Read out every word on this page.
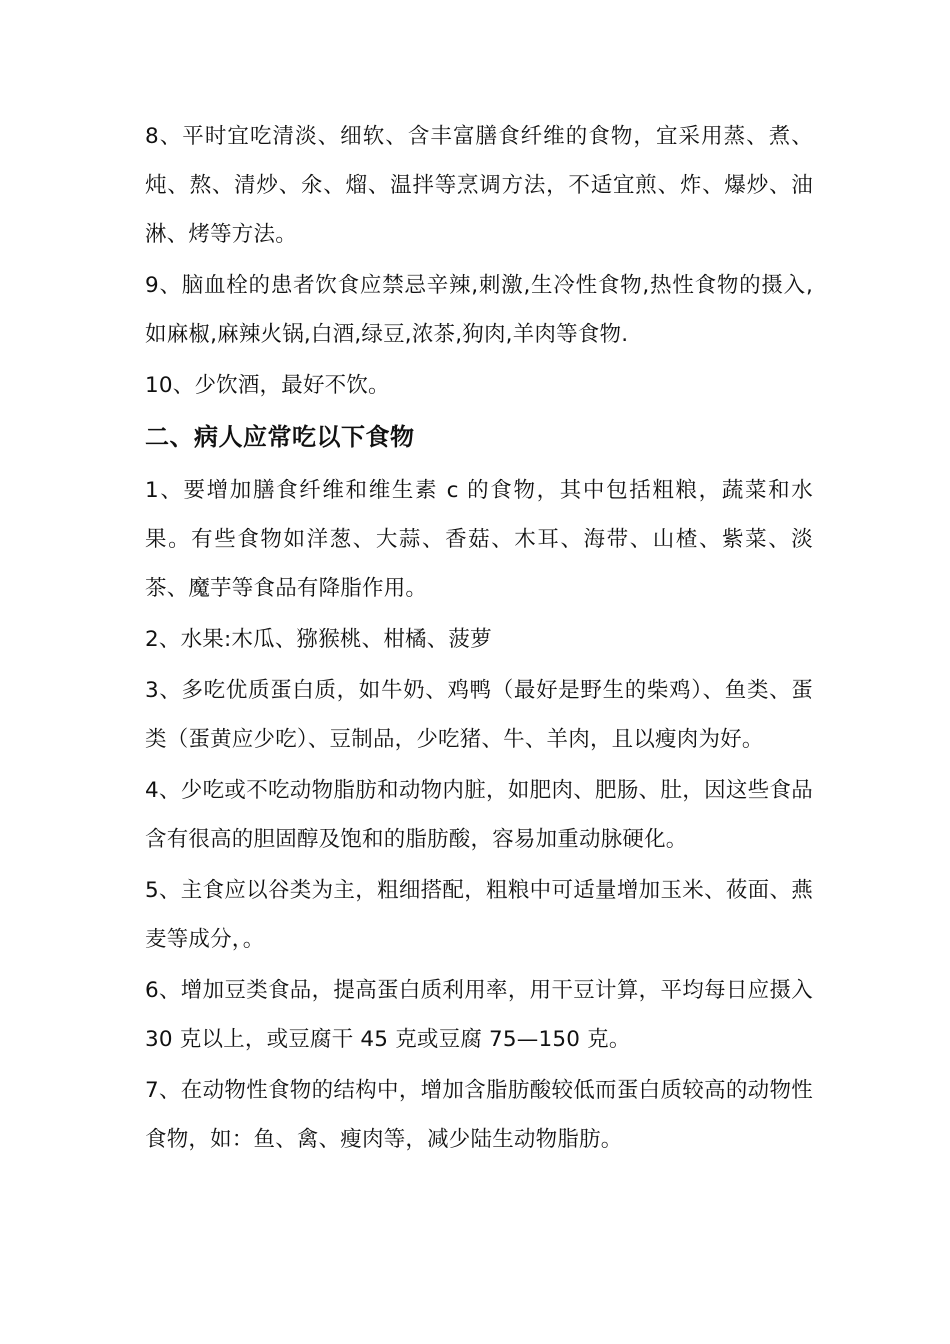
8、平时宜吃清淡、细软、含丰富膳食纤维的食物，宜采用蒸、煮、炖、熬、清炒、氽、熘、温拌等烹调方法，不适宜煎、炸、爆炒、油淋、烤等方法。

9、脑血栓的患者饮食应禁忌辛辣,刺激,生冷性食物,热性食物的摄入,如麻椒,麻辣火锅,白酒,绿豆,浓茶,狗肉,羊肉等食物.

10、少饮酒，最好不饮。

二、病人应常吃以下食物

1、要增加膳食纤维和维生素 c 的食物，其中包括粗粮，蔬菜和水果。有些食物如洋葱、大蒜、香菇、木耳、海带、山楂、紫菜、淡茶、魔芋等食品有降脂作用。

2、水果:木瓜、猕猴桃、柑橘、菠萝

3、多吃优质蛋白质，如牛奶、鸡鸭（最好是野生的柴鸡）、鱼类、蛋类（蛋黄应少吃）、豆制品，少吃猪、牛、羊肉，且以瘦肉为好。

4、少吃或不吃动物脂肪和动物内脏，如肥肉、肥肠、肚，因这些食品含有很高的胆固醇及饱和的脂肪酸，容易加重动脉硬化。

5、主食应以谷类为主，粗细搭配，粗粮中可适量增加玉米、莜面、燕麦等成分，。

6、增加豆类食品，提高蛋白质利用率，用干豆计算，平均每日应摄入 30 克以上，或豆腐干 45 克或豆腐 75—150 克。

7、在动物性食物的结构中，增加含脂肪酸较低而蛋白质较高的动物性食物，如：鱼、禽、瘦肉等，减少陆生动物脂肪。
